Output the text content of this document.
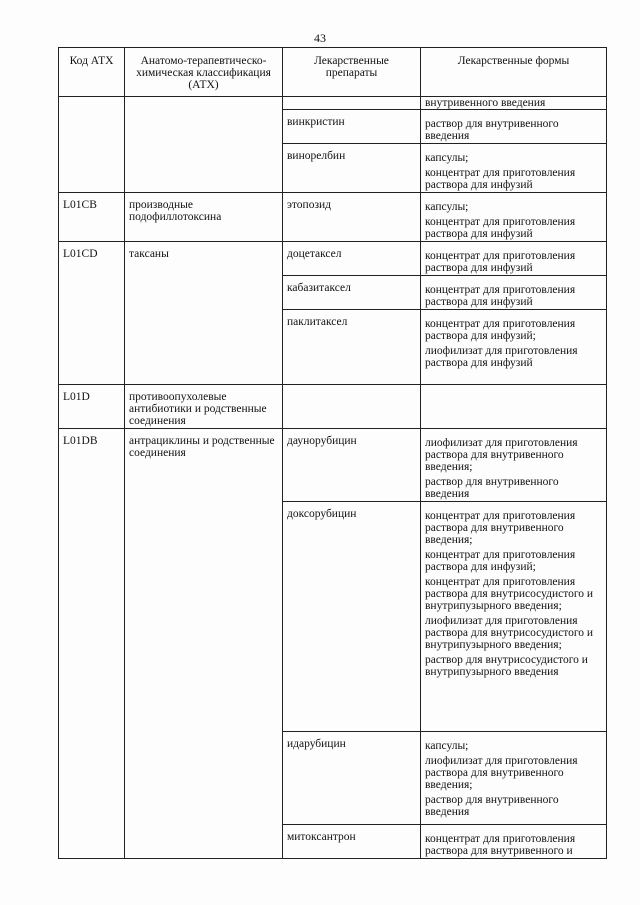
43
Код АТХ	Анатомо-терапевтическо-химическая классификация (АТХ)	Лекарственные препараты	Лекарственные формы

			внутривенного введения

		винкристин	раствор для внутривенного введения

		винорелбин	капсулы;
концентрат для приготовления раствора для инфузий

L01CB	производные подофиллотоксина	этопозид	капсулы;
концентрат для приготовления раствора для инфузий

L01CD	таксаны	доцетаксел	концентрат для приготовления раствора для инфузий

		кабазитаксел	концентрат для приготовления раствора для инфузий

		паклитаксел	концентрат для приготовления раствора для инфузий;
лиофилизат для приготовления раствора для инфузий

L01D	противоопухолевые антибиотики и родственные соединения		
L01DB	антрациклины и родственные соединения	даунорубицин	лиофилизат для приготовления раствора для внутривенного введения;
раствор для внутривенного введения

		доксорубицин	концентрат для приготовления раствора для внутривенного введения;
концентрат для приготовления раствора для инфузий;
концентрат для приготовления раствора для внутрисосудистого и внутрипузырного введения;
лиофилизат для приготовления раствора для внутрисосудистого и внутрипузырного введения;
раствор для внутрисосудистого и внутрипузырного введения

		идарубицин	капсулы;
лиофилизат для приготовления раствора для внутривенного введения;
раствор для внутривенного введения

		митоксантрон	концентрат для приготовления раствора для внутривенного и
